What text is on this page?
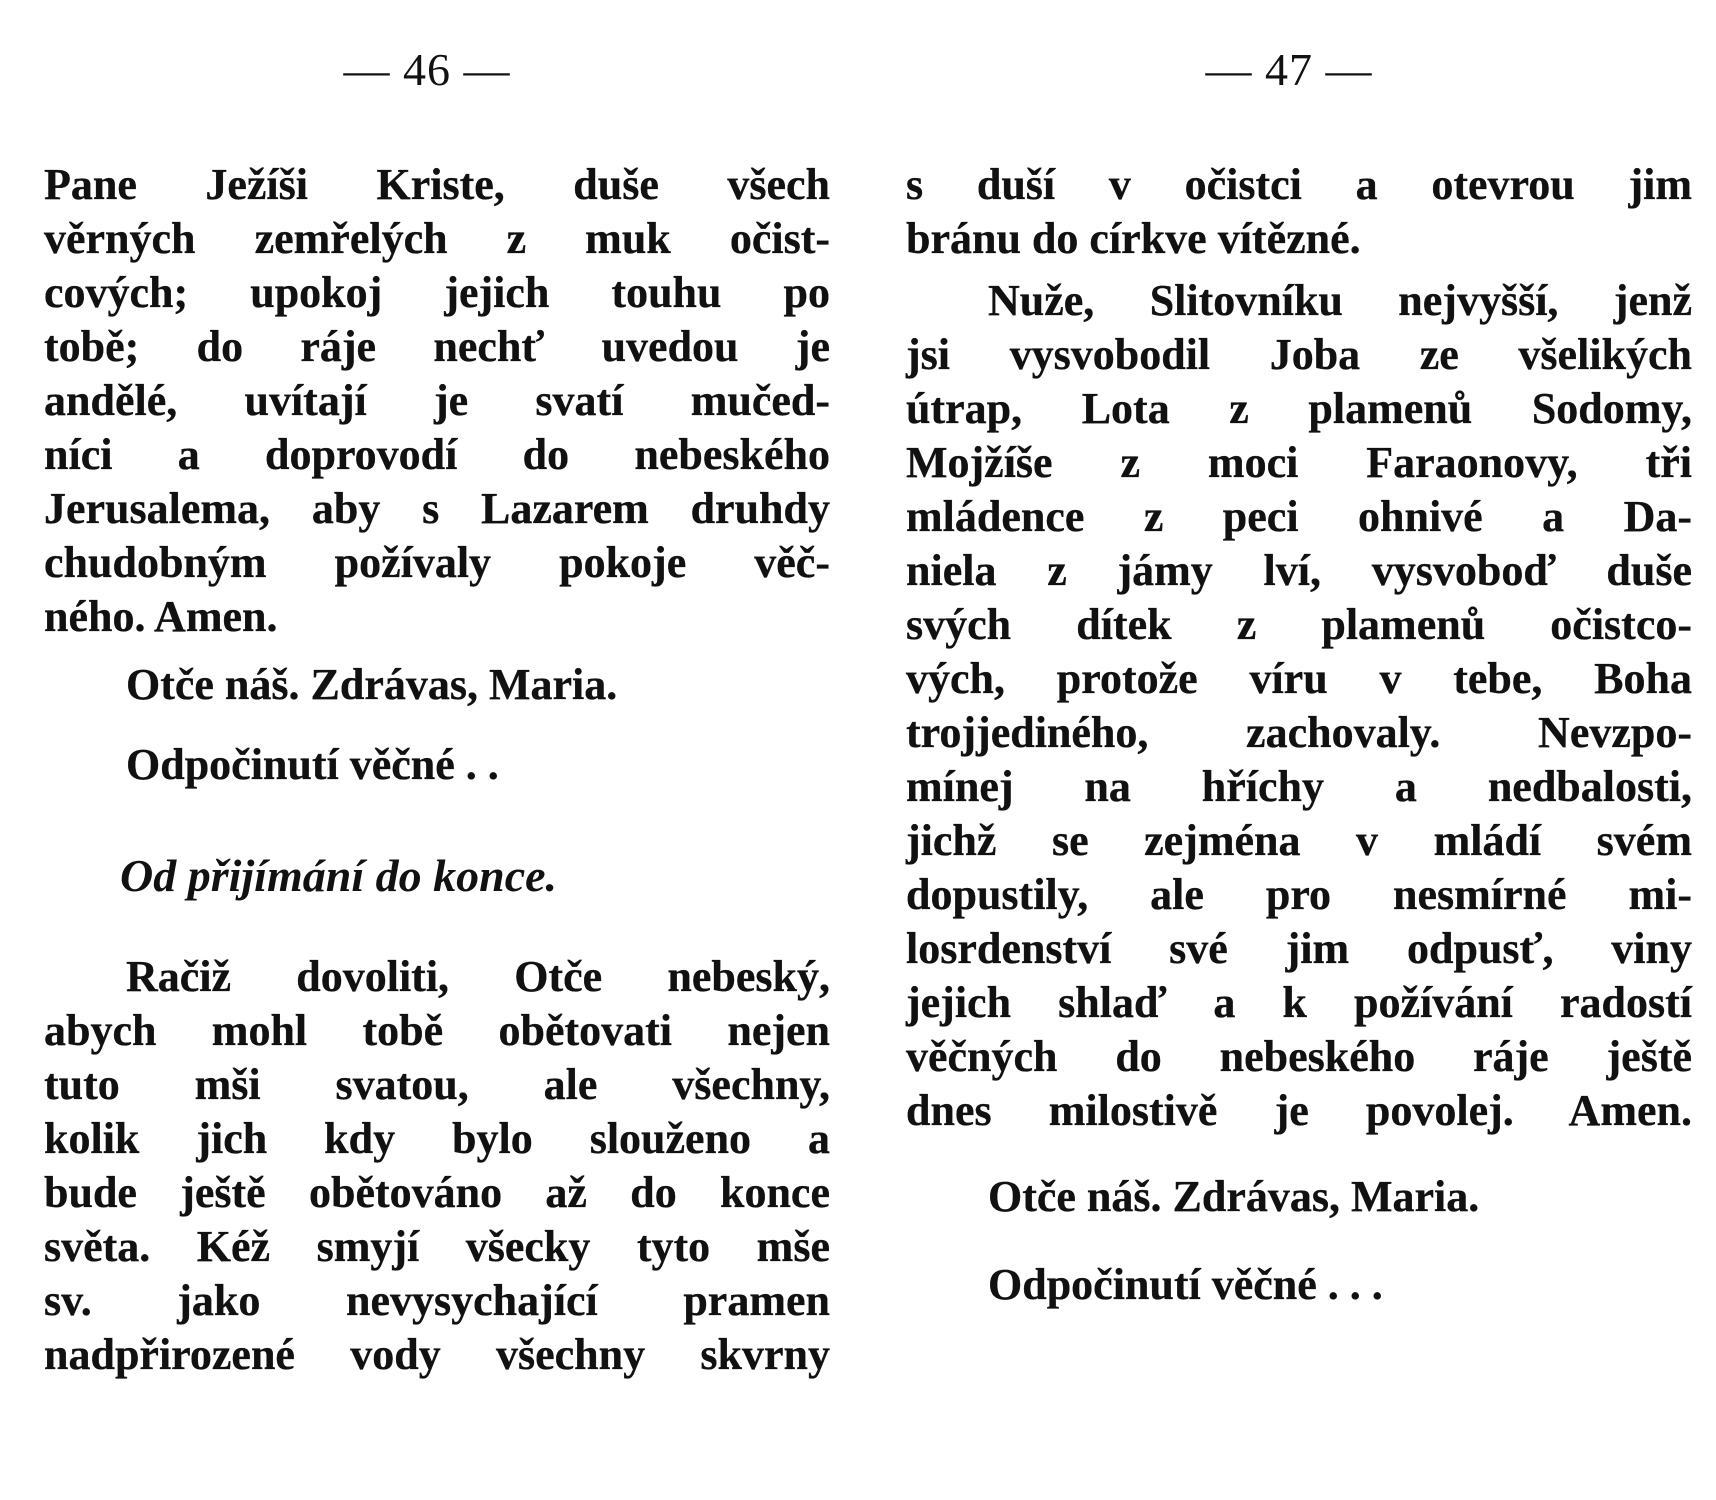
— 46 —
Pane Ježíši Kriste, duše všech
věrných zemřelých z muk očist-
cových; upokoj jejich touhu po
tobě; do ráje nechť uvedou je
andělé, uvítají je svatí mučed-
níci a doprovodí do nebeského
Jerusalema, aby s Lazarem druhdy
chudobným požívaly pokoje věč-
ného. Amen.
Otče náš. Zdrávas, Maria.
Odpočinutí věčné . .
Od přijímání do konce.
Račiž dovoliti, Otče nebeský,
abych mohl tobě obětovati nejen
tuto mši svatou, ale všechny,
kolik jich kdy bylo slouženo a
bude ještě obětováno až do konce
světa. Kéž smyjí všecky tyto mše
sv. jako nevysychající pramen
nadpřirozené vody všechny skvrny
— 47 —
s duší v očistci a otevrou jim
bránu do církve vítězné.
Nuže, Slitovníku nejvyšší, jenž
jsi vysvobodil Joba ze všelikých
útrap, Lota z plamenů Sodomy,
Mojžíše z moci Faraonovy, tři
mládence z peci ohnivé a Da-
niela z jámy lví, vysvoboď duše
svých dítek z plamenů očistco-
vých, protože víru v tebe, Boha
trojjediného, zachovaly. Nevzpo-
mínej na hříchy a nedbalosti,
jichž se zejména v mládí svém
dopustily, ale pro nesmírné mi-
losrdenství své jim odpusť, viny
jejich shlaď a k požívání radostí
věčných do nebeského ráje ještě
dnes milostivě je povolej. Amen.
Otče náš. Zdrávas, Maria.
Odpočinutí věčné . . .
